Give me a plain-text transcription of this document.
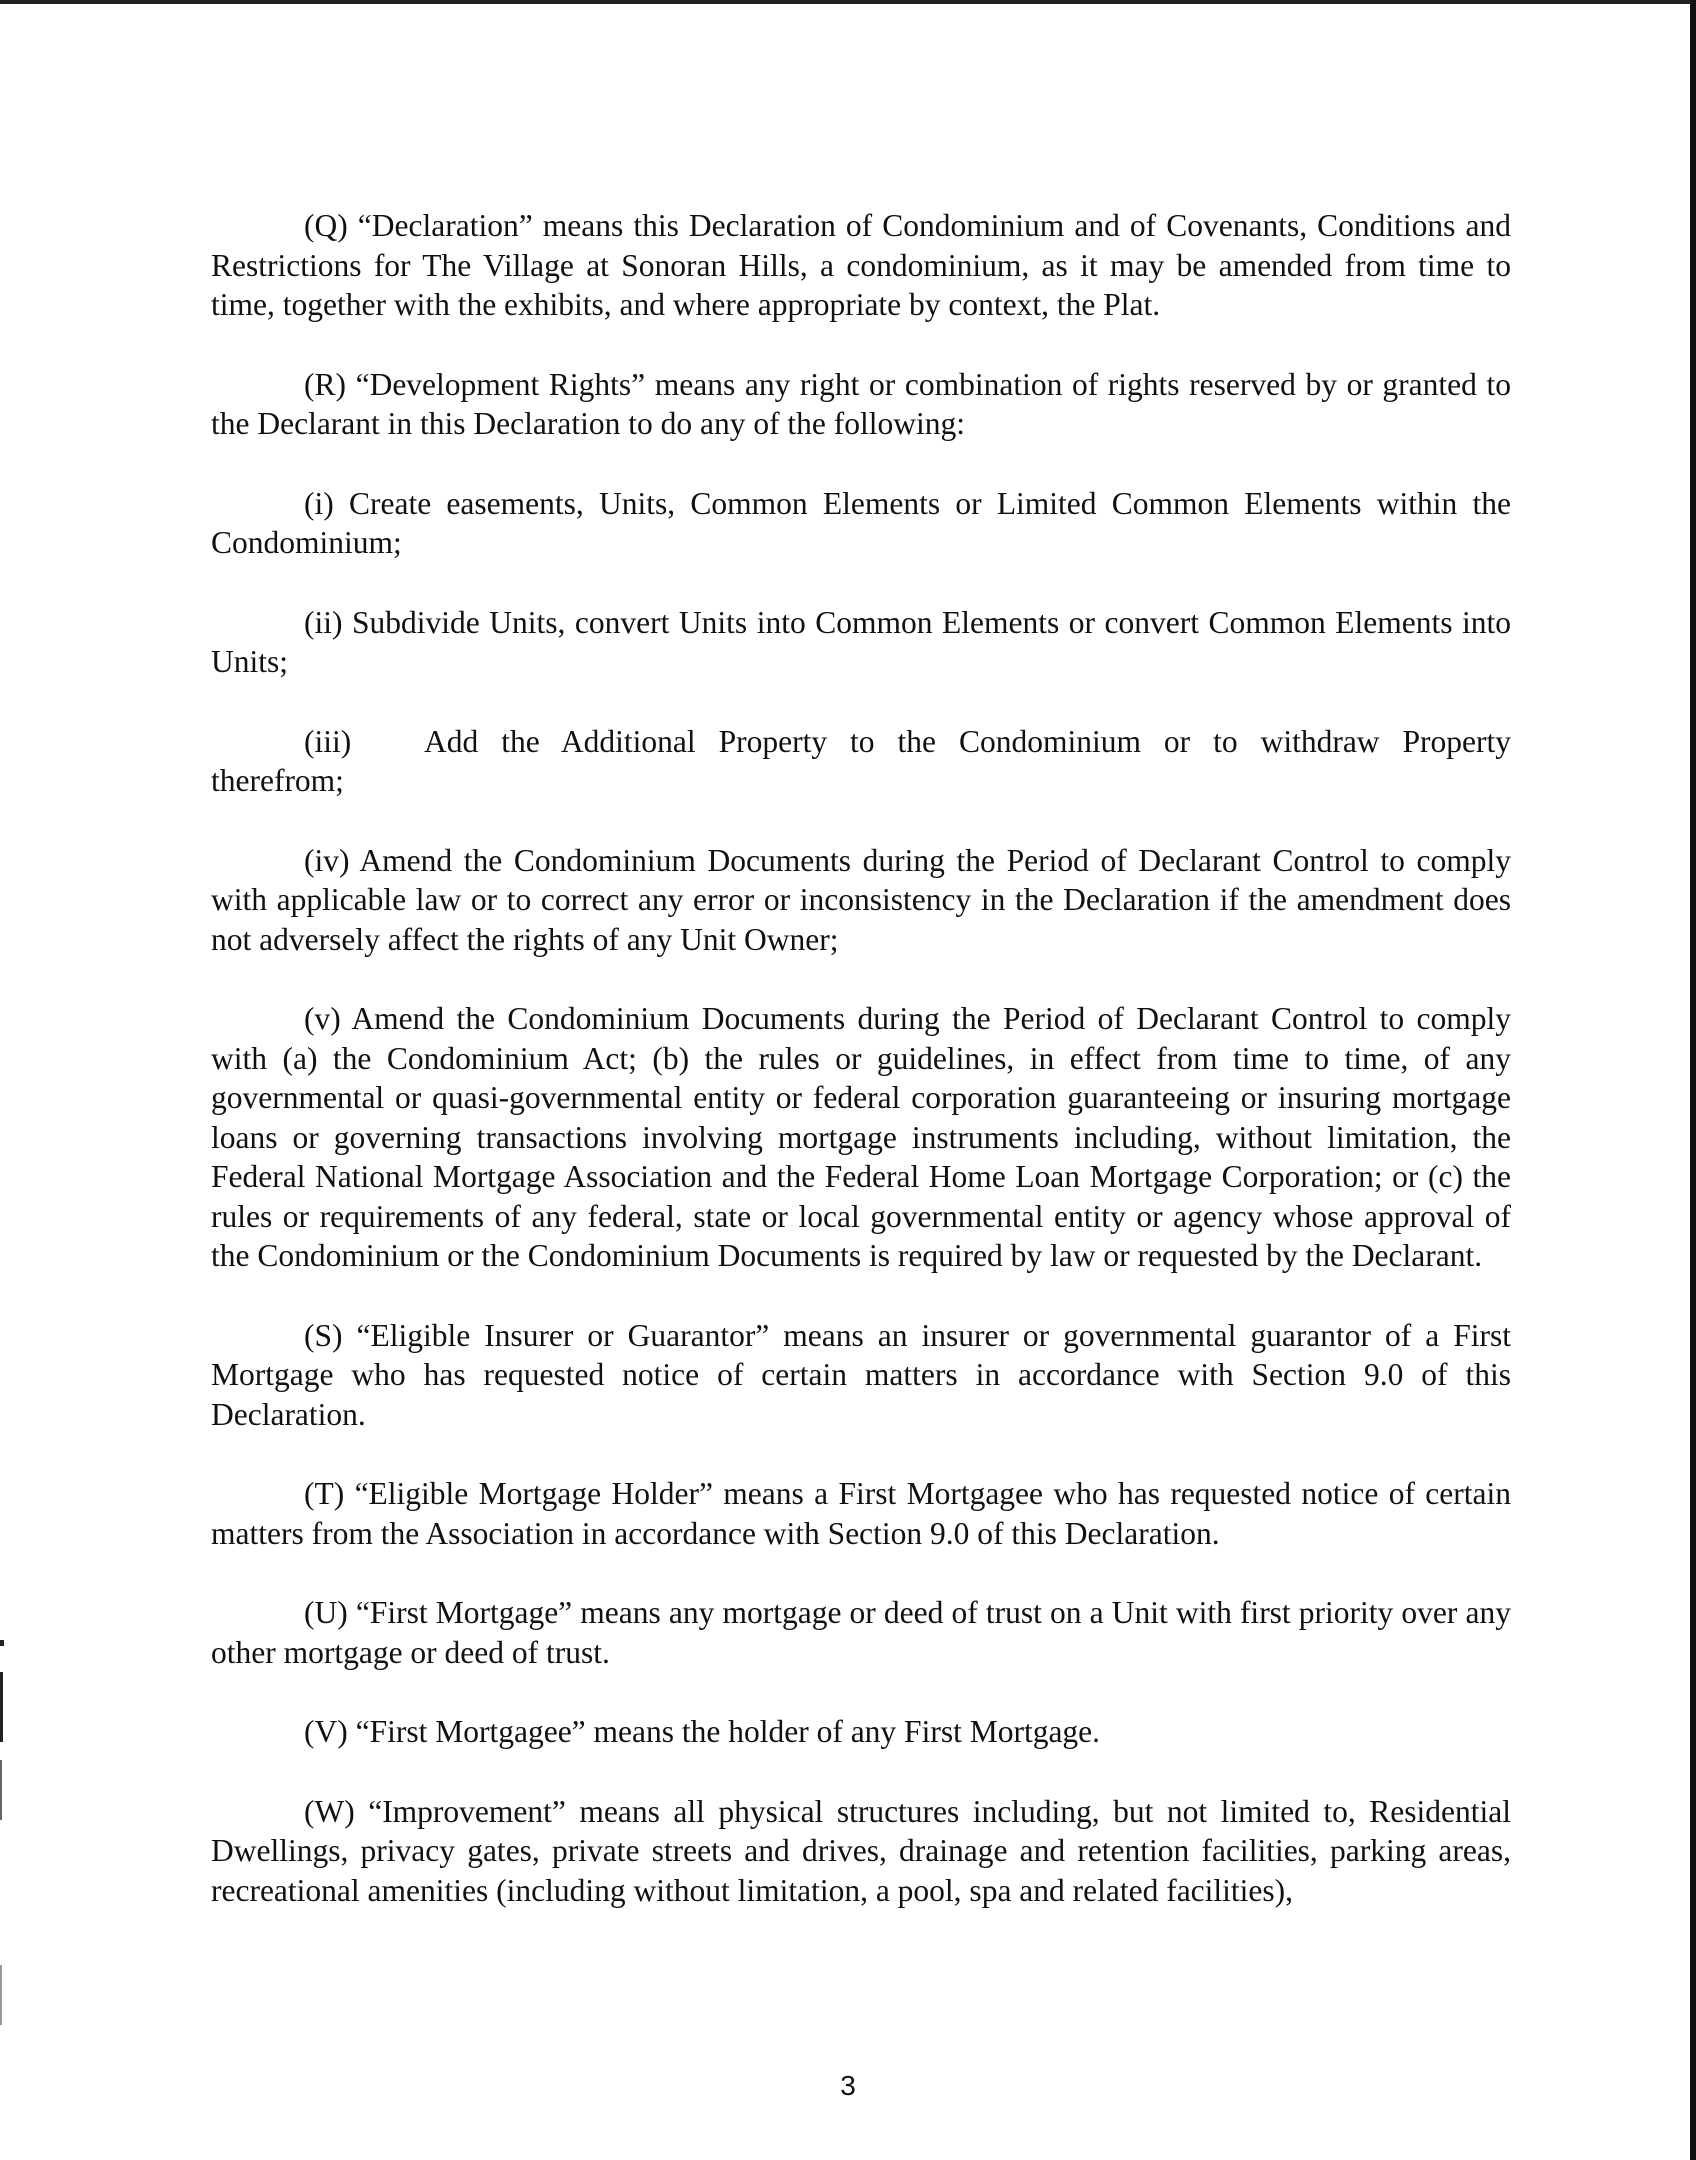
(Q) “Declaration” means this Declaration of Condominium and of Covenants, Conditions and Restrictions for The Village at Sonoran Hills, a condominium, as it may be amended from time to time, together with the exhibits, and where appropriate by context, the Plat.

(R) “Development Rights” means any right or combination of rights reserved by or granted to the Declarant in this Declaration to do any of the following:

(i) Create easements, Units, Common Elements or Limited Common Elements within the Condominium;

(ii) Subdivide Units, convert Units into Common Elements or convert Common Elements into Units;

(iii)	Add the Additional Property to the Condominium or to withdraw Property
therefrom;

(iv) Amend the Condominium Documents during the Period of Declarant Control to comply with applicable law or to correct any error or inconsistency in the Declaration if the amendment does not adversely affect the rights of any Unit Owner;

(v) Amend the Condominium Documents during the Period of Declarant Control to comply with (a) the Condominium Act; (b) the rules or guidelines, in effect from time to time, of any governmental or quasi-governmental entity or federal corporation guaranteeing or insuring mortgage loans or governing transactions involving mortgage instruments including, without limitation, the Federal National Mortgage Association and the Federal Home Loan Mortgage Corporation; or (c) the rules or requirements of any federal, state or local governmental entity or agency whose approval of the Condominium or the Condominium Documents is required by law or requested by the Declarant.

(S) “Eligible Insurer or Guarantor” means an insurer or governmental guarantor of a First Mortgage who has requested notice of certain matters in accordance with Section 9.0 of this Declaration.

(T) “Eligible Mortgage Holder” means a First Mortgagee who has requested notice of certain matters from the Association in accordance with Section 9.0 of this Declaration.

(U) “First Mortgage” means any mortgage or deed of trust on a Unit with first priority over any other mortgage or deed of trust.

(V) “First Mortgagee” means the holder of any First Mortgage.

(W) “Improvement” means all physical structures including, but not limited to, Residential Dwellings, privacy gates, private streets and drives, drainage and retention facilities, parking areas, recreational amenities (including without limitation, a pool, spa and related facilities),

3
